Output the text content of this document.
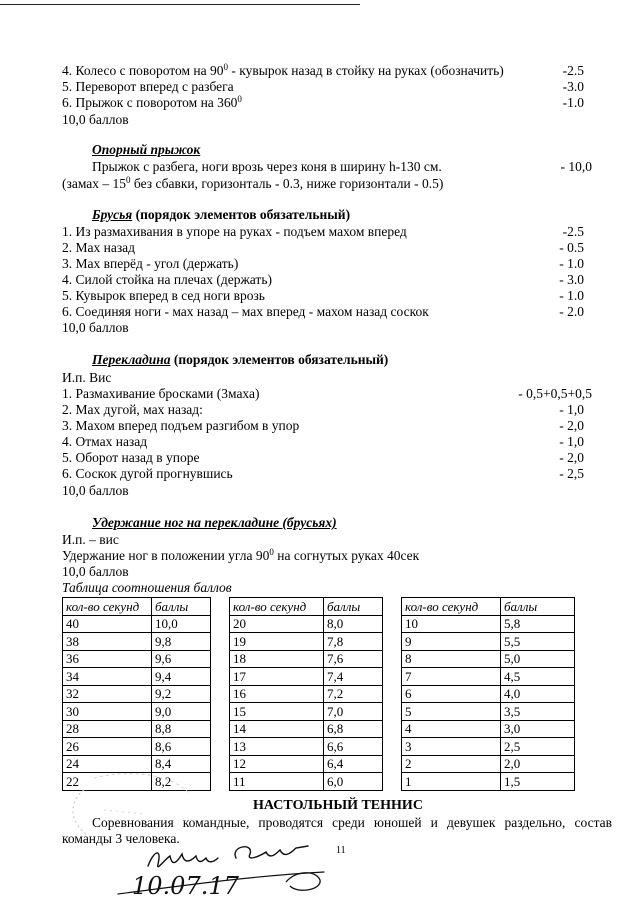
4. Колесо с поворотом на $90^0$ - кувырок назад в стойку на руках (обозначить)	-2.5
5. Переворот вперед с разбега	-3.0
6. Прыжок с поворотом на $360^0$	-1.0
10,0 баллов
Опорный прыжок
Прыжок с разбега, ноги врозь через коня в ширину h-130 см.	- 10,0
(замах – $15^0$ без сбавки, горизонталь - 0.3, ниже горизонтали - 0.5)
Брусья (порядок элементов обязательный)
1. Из размахивания в упоре на руках - подъем махом вперед	-2.5
2. Мах назад	- 0.5
3. Мах вперёд - угол (держать)	- 1.0
4. Силой стойка на плечах (держать)	- 3.0
5. Кувырок вперед в сед ноги врозь	- 1.0
6. Соединяя ноги - мах назад – мах вперед - махом назад соскок	- 2.0
10,0 баллов
Перекладина (порядок элементов обязательный)
И.п. Вис
1. Размахивание бросками (3маха)	- 0,5+0,5+0,5
2. Мах дугой, мах назад:	- 1,0
3. Махом вперед подъем разгибом в упор	- 2,0
4. Отмах назад	- 1,0
5. Оборот назад в упоре	- 2,0
6. Соскок дугой прогнувшись	- 2,5
10,0 баллов
Удержание ног на перекладине (брусьях)
И.п. – вис
Удержание ног в положении угла $90^0$ на согнутых руках 40сек
10,0 баллов
Таблица соотношения баллов
кол-во секунд	баллы		кол-во секунд	баллы		кол-во секунд	баллы
40	10,0		20	8,0		10	5,8
38	9,8		19	7,8		9	5,5
36	9,6		18	7,6		8	5,0
34	9,4		17	7,4		7	4,5
32	9,2		16	7,2		6	4,0
30	9,0		15	7,0		5	3,5
28	8,8		14	6,8		4	3,0
26	8,6		13	6,6		3	2,5
24	8,4		12	6,4		2	2,0
22	8,2		11	6,0		1	1,5
НАСТОЛЬНЫЙ ТЕННИС
Соревнования командные, проводятся среди юношей и девушек раздельно, состав
команды 3 человека.
11
10.07.17
